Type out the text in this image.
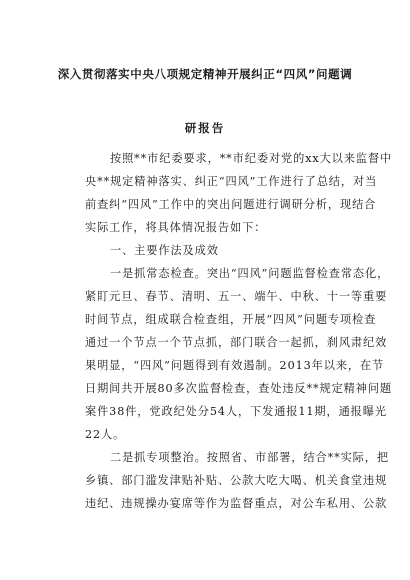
深入贯彻落实中央八项规定精神开展纠正“四风”问题调
研报告
按照**市纪委要求，**市纪委对党的xx大以来监督中
央**规定精神落实、纠正“四风”工作进行了总结，对当
前查纠“四风”工作中的突出问题进行调研分析，现结合
实际工作，将具体情况报告如下：
一、主要作法及成效
一是抓常态检查。突出“四风”问题监督检查常态化，
紧盯元旦、春节、清明、五一、端午、中秋、十一等重要
时间节点，组成联合检查组，开展“四风”问题专项检查
通过一个节点一个节点抓，部门联合一起抓，刹风肃纪效
果明显，“四风”问题得到有效遏制。2013年以来，在节
日期间共开展80多次监督检查，查处违反**规定精神问题
案件38件，党政纪处分54人，下发通报11期，通报曝光
22人。
二是抓专项整治。按照省、市部署，结合**实际，把
乡镇、部门滥发津贴补贴、公款大吃大喝、机关食堂违规
违纪、违规操办宴席等作为监督重点，对公车私用、公款
